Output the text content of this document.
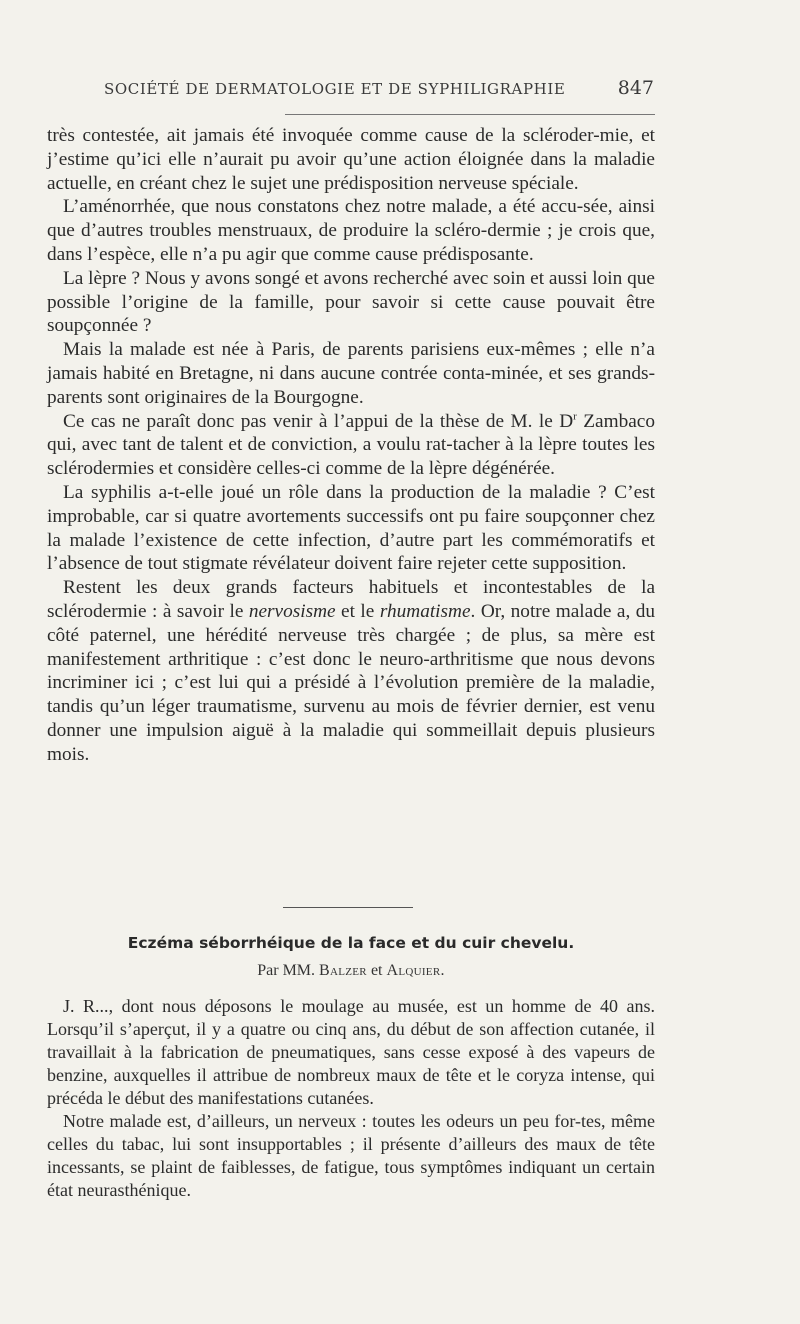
SOCIÉTÉ DE DERMATOLOGIE ET DE SYPHILIGRAPHIE	847

très contestée, ait jamais été invoquée comme cause de la scléroder-mie, et j’estime qu’ici elle n’aurait pu avoir qu’une action éloignée dans la maladie actuelle, en créant chez le sujet une prédisposition nerveuse spéciale.

L’aménorrhée, que nous constatons chez notre malade, a été accu-sée, ainsi que d’autres troubles menstruaux, de produire la scléro-dermie ; je crois que, dans l’espèce, elle n’a pu agir que comme cause prédisposante.

La lèpre ? Nous y avons songé et avons recherché avec soin et aussi loin que possible l’origine de la famille, pour savoir si cette cause pouvait être soupçonnée ?

Mais la malade est née à Paris, de parents parisiens eux-mêmes ; elle n’a jamais habité en Bretagne, ni dans aucune contrée conta-minée, et ses grands-parents sont originaires de la Bourgogne.

Ce cas ne paraît donc pas venir à l’appui de la thèse de M. le $D^r$ Zambaco qui, avec tant de talent et de conviction, a voulu rat-tacher à la lèpre toutes les sclérodermies et considère celles-ci comme de la lèpre dégénérée.

La syphilis a-t-elle joué un rôle dans la production de la maladie ? C’est improbable, car si quatre avortements successifs ont pu faire soupçonner chez la malade l’existence de cette infection, d’autre part les commémoratifs et l’absence de tout stigmate révélateur doivent faire rejeter cette supposition.

Restent les deux grands facteurs habituels et incontestables de la sclérodermie : à savoir le nervosisme et le rhumatisme. Or, notre malade a, du côté paternel, une hérédité nerveuse très chargée ; de plus, sa mère est manifestement arthritique : c’est donc le neuro-arthritisme que nous devons incriminer ici ; c’est lui qui a présidé à l’évolution première de la maladie, tandis qu’un léger traumatisme, survenu au mois de février dernier, est venu donner une impulsion aiguë à la maladie qui sommeillait depuis plusieurs mois.

Eczéma séborrhéique de la face et du cuir chevelu.
Par MM. Balzer et Alquier.

J. R..., dont nous déposons le moulage au musée, est un homme de 40 ans. Lorsqu’il s’aperçut, il y a quatre ou cinq ans, du début de son affection cutanée, il travaillait à la fabrication de pneumatiques, sans cesse exposé à des vapeurs de benzine, auxquelles il attribue de nombreux maux de tête et le coryza intense, qui précéda le début des manifestations cutanées.

Notre malade est, d’ailleurs, un nerveux : toutes les odeurs un peu for-tes, même celles du tabac, lui sont insupportables ; il présente d’ailleurs des maux de tête incessants, se plaint de faiblesses, de fatigue, tous symptômes indiquant un certain état neurasthénique.
